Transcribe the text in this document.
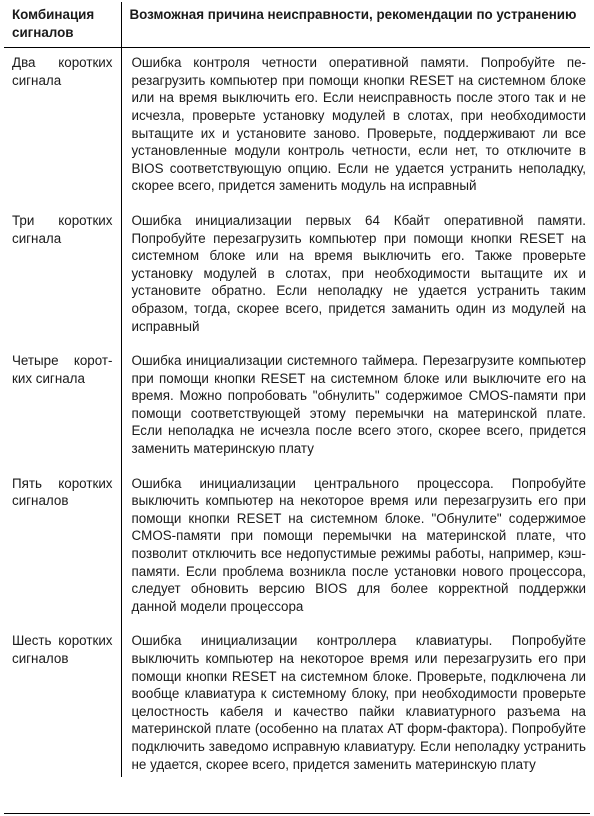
Комбинация сигналов	Возможная причина неисправности, рекомендации по устранению
Два коротких сигнала	Ошибка контроля четности оперативной памяти. Попробуйте перезагрузить компьютер при помощи кнопки RESET на системном блоке или на время выключить его. Если неисправность после этого так и не исчезла, проверьте установку модулей в слотах, при необходимости вытащите их и установите заново. Проверьте, поддерживают ли все установленные модули контроль четности, если нет, то отключите в BIOS соответствующую опцию. Если не удается устранить неполадку, скорее всего, придется заменить модуль на исправный
Три коротких сигнала	Ошибка инициализации первых 64 Кбайт оперативной памяти. Попробуйте перезагрузить компьютер при помощи кнопки RESET на системном блоке или на время выключить его. Также проверьте установку модулей в слотах, при необходимости вытащите их и установите обратно. Если неполадку не удается устранить таким образом, тогда, скорее всего, придется заманить один из модулей на исправный
Четыре коротких сигнала	Ошибка инициализации системного таймера. Перезагрузите компьютер при помощи кнопки RESET на системном блоке или выключите его на время. Можно попробовать "обнулить" содержимое CMOS-памяти при помощи соответствующей этому перемычки на материнской плате. Если неполадка не исчезла после всего этого, скорее всего, придется заменить материнскую плату
Пять коротких сигналов	Ошибка инициализации центрального процессора. Попробуйте выключить компьютер на некоторое время или перезагрузить его при помощи кнопки RESET на системном блоке. "Обнулите" содержимое CMOS-памяти при помощи перемычки на материнской плате, что позволит отключить все недопустимые режимы работы, например, кэш-памяти. Если проблема возникла после установки нового процессора, следует обновить версию BIOS для более корректной поддержки данной модели процессора
Шесть коротких сигналов	Ошибка инициализации контроллера клавиатуры. Попробуйте выключить компьютер на некоторое время или перезагрузить его при помощи кнопки RESET на системном блоке. Проверьте, подключена ли вообще клавиатура к системному блоку, при необходимости проверьте целостность кабеля и качество пайки клавиатурного разъема на материнской плате (особенно на платах AT форм-фактора). Попробуйте подключить заведомо исправную клавиатуру. Если неполадку устранить не удается, скорее всего, придется заменить материнскую плату
